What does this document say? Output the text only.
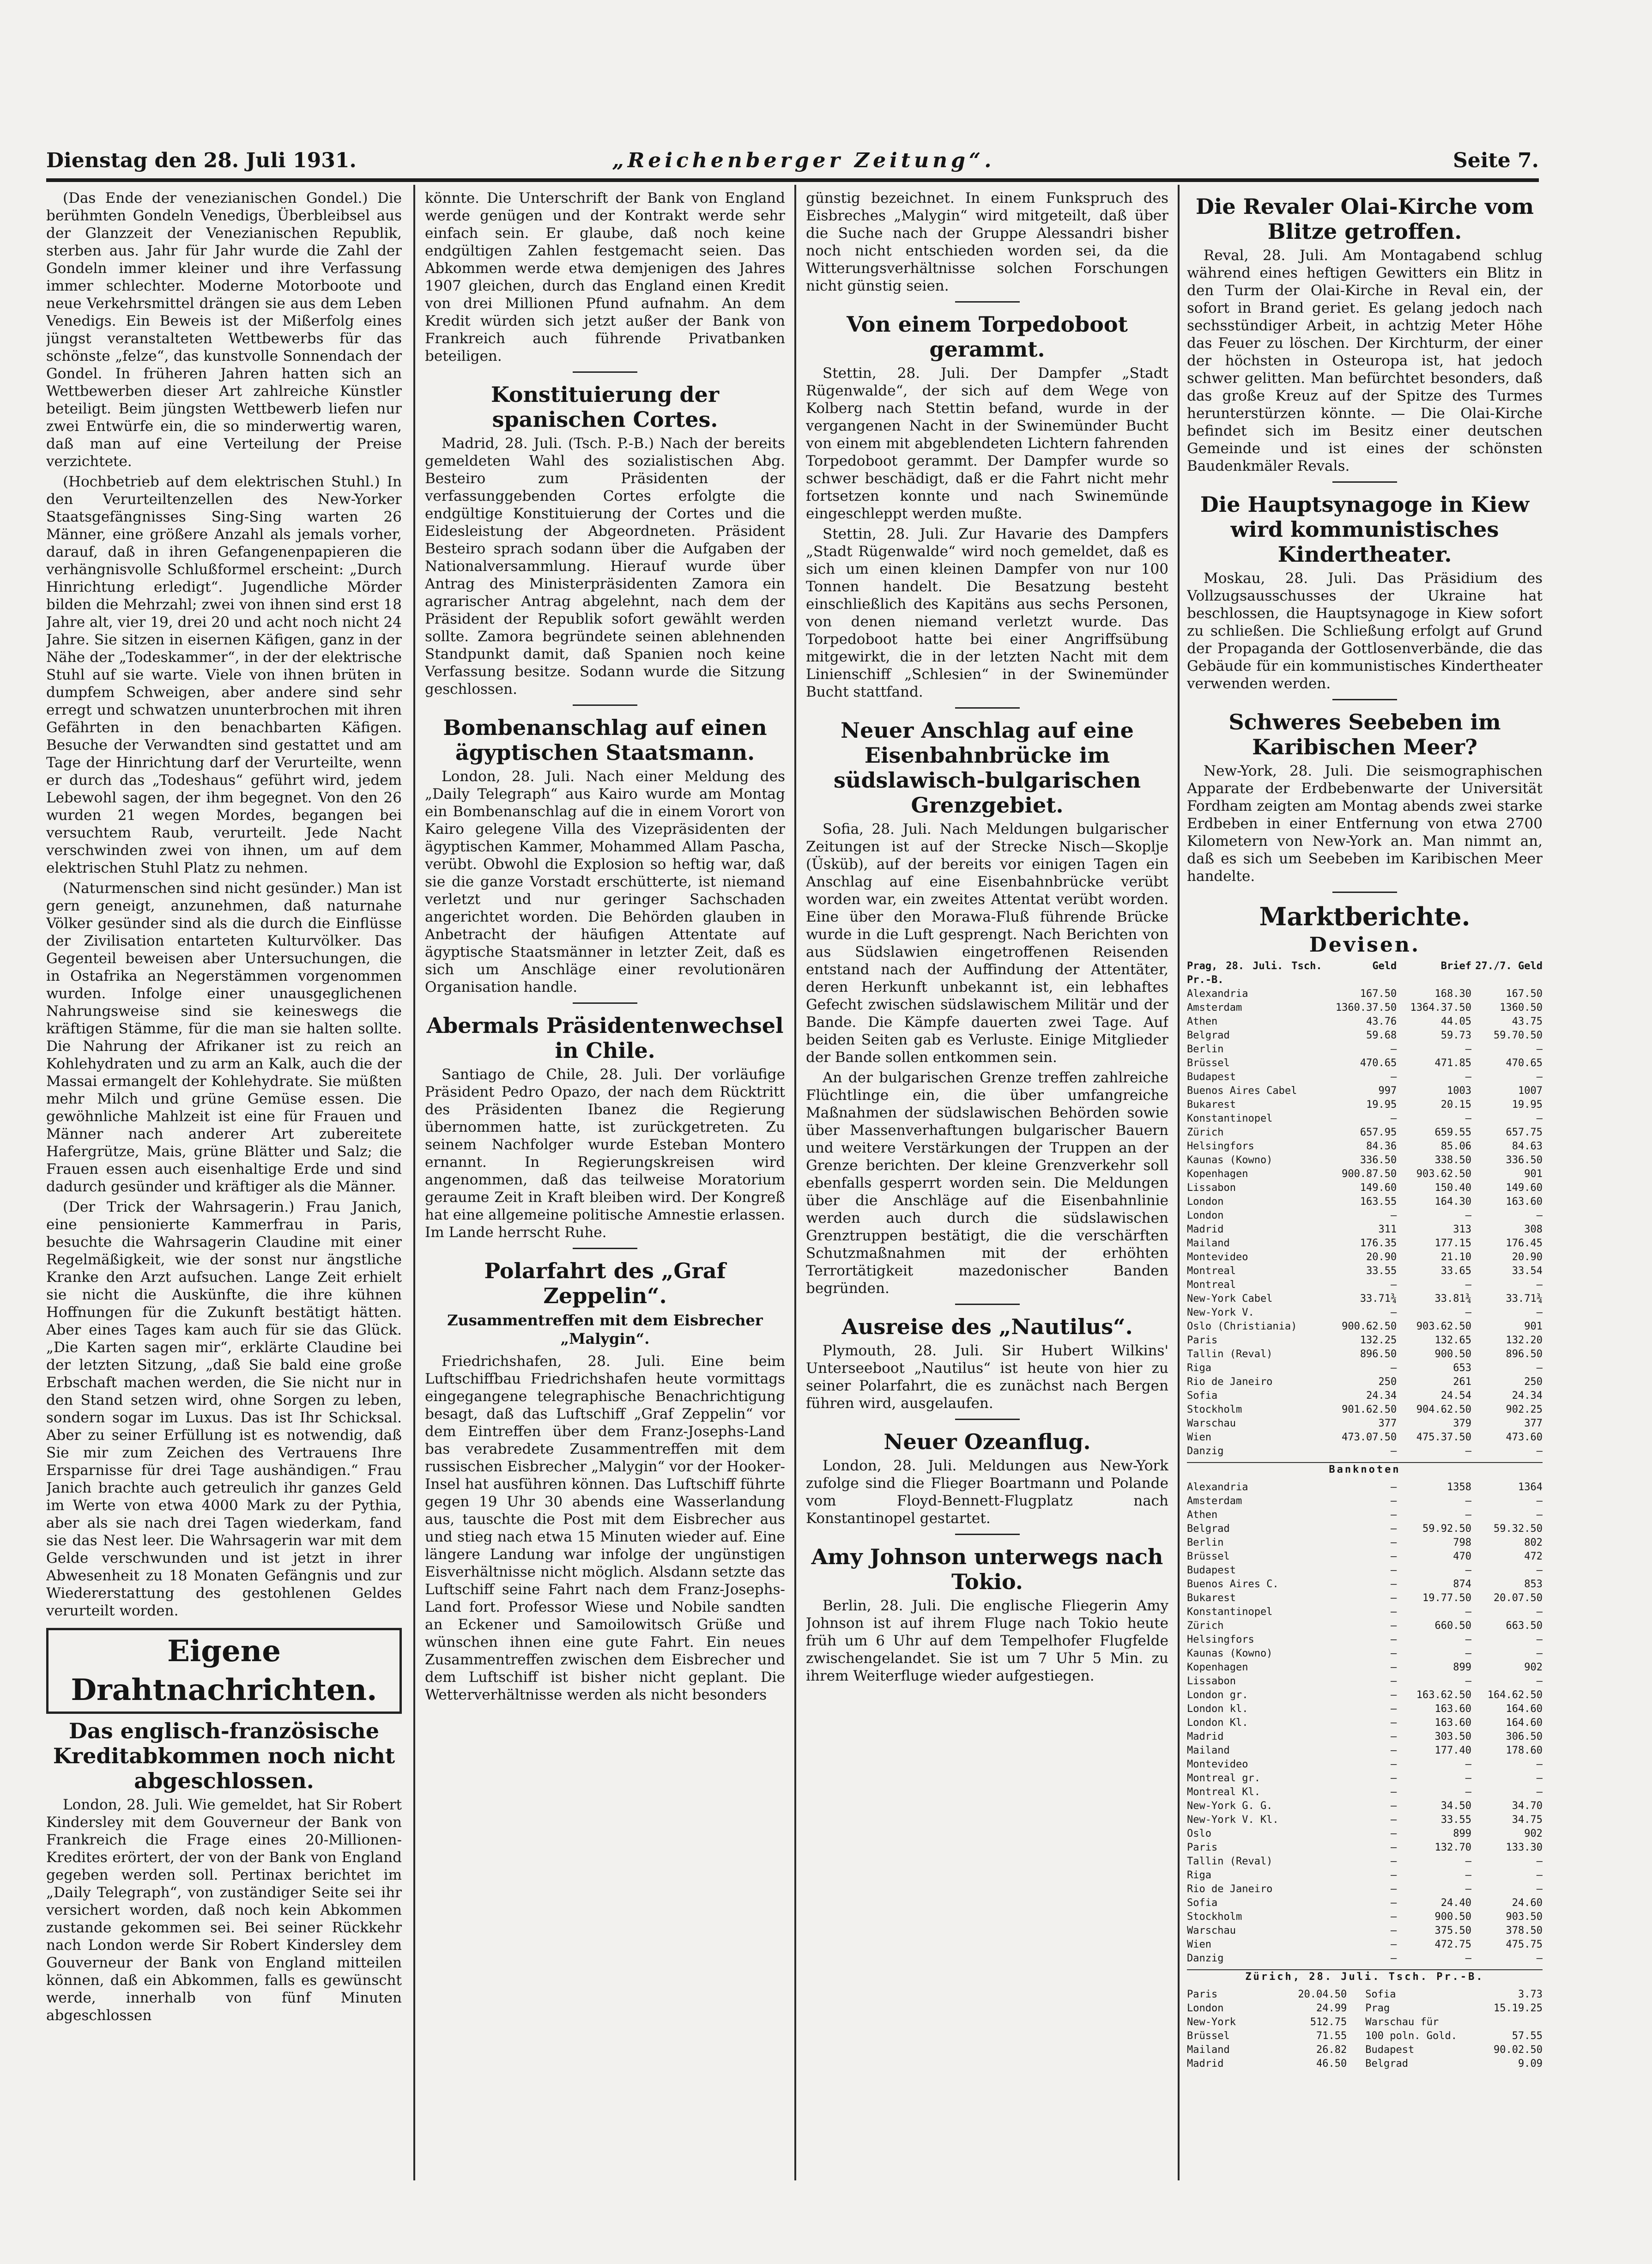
Dienstag den 28. Juli 1931.	„Reichenberger Zeitung“.	Seite 7.

(Das Ende der venezianischen Gondel.) Die berühmten Gondeln Venedigs, Überbleibsel aus der Glanzzeit der Venezianischen Republik, sterben aus. Jahr für Jahr wurde die Zahl der Gondeln immer kleiner und ihre Verfassung immer schlechter. Moderne Motorboote und neue Verkehrsmittel drängen sie aus dem Leben Venedigs. Ein Beweis ist der Mißerfolg eines jüngst veranstalteten Wettbewerbs für das schönste „felze“, das kunstvolle Sonnendach der Gondel. In früheren Jahren hatten sich an Wettbewerben dieser Art zahlreiche Künstler beteiligt. Beim jüngsten Wettbewerb liefen nur zwei Entwürfe ein, die so minderwertig waren, daß man auf eine Verteilung der Preise verzichtete.

(Hochbetrieb auf dem elektrischen Stuhl.) In den Verurteiltenzellen des New-Yorker Staatsgefängnisses Sing-Sing warten 26 Männer, eine größere Anzahl als jemals vorher, darauf, daß in ihren Gefangenenpapieren die verhängnisvolle Schlußformel erscheint: „Durch Hinrichtung erledigt“. Jugendliche Mörder bilden die Mehrzahl; zwei von ihnen sind erst 18 Jahre alt, vier 19, drei 20 und acht noch nicht 24 Jahre. Sie sitzen in eisernen Käfigen, ganz in der Nähe der „Todeskammer“, in der der elektrische Stuhl auf sie warte. Viele von ihnen brüten in dumpfem Schweigen, aber andere sind sehr erregt und schwatzen ununterbrochen mit ihren Gefährten in den benachbarten Käfigen. Besuche der Verwandten sind gestattet und am Tage der Hinrichtung darf der Verurteilte, wenn er durch das „Todeshaus“ geführt wird, jedem Lebewohl sagen, der ihm begegnet. Von den 26 wurden 21 wegen Mordes, begangen bei versuchtem Raub, verurteilt. Jede Nacht verschwinden zwei von ihnen, um auf dem elektrischen Stuhl Platz zu nehmen.

(Naturmenschen sind nicht gesünder.) Man ist gern geneigt, anzunehmen, daß naturnahe Völker gesünder sind als die durch die Einflüsse der Zivilisation entarteten Kulturvölker. Das Gegenteil beweisen aber Untersuchungen, die in Ostafrika an Negerstämmen vorgenommen wurden. Infolge einer unausgeglichenen Nahrungsweise sind sie keineswegs die kräftigen Stämme, für die man sie halten sollte. Die Nahrung der Afrikaner ist zu reich an Kohlehydraten und zu arm an Kalk, auch die der Massai ermangelt der Kohlehydrate. Sie müßten mehr Milch und grüne Gemüse essen. Die gewöhnliche Mahlzeit ist eine für Frauen und Männer nach anderer Art zubereitete Hafergrütze, Mais, grüne Blätter und Salz; die Frauen essen auch eisenhaltige Erde und sind dadurch gesünder und kräftiger als die Männer.

(Der Trick der Wahrsagerin.) Frau Janich, eine pensionierte Kammerfrau in Paris, besuchte die Wahrsagerin Claudine mit einer Regelmäßigkeit, wie der sonst nur ängstliche Kranke den Arzt aufsuchen. Lange Zeit erhielt sie nicht die Auskünfte, die ihre kühnen Hoffnungen für die Zukunft bestätigt hätten. Aber eines Tages kam auch für sie das Glück. „Die Karten sagen mir“, erklärte Claudine bei der letzten Sitzung, „daß Sie bald eine große Erbschaft machen werden, die Sie nicht nur in den Stand setzen wird, ohne Sorgen zu leben, sondern sogar im Luxus. Das ist Ihr Schicksal. Aber zu seiner Erfüllung ist es notwendig, daß Sie mir zum Zeichen des Vertrauens Ihre Ersparnisse für drei Tage aushändigen.“ Frau Janich brachte auch getreulich ihr ganzes Geld im Werte von etwa 4000 Mark zu der Pythia, aber als sie nach drei Tagen wiederkam, fand sie das Nest leer. Die Wahrsagerin war mit dem Gelde verschwunden und ist jetzt in ihrer Abwesenheit zu 18 Monaten Gefängnis und zur Wiedererstattung des gestohlenen Geldes verurteilt worden.

Eigene Drahtnachrichten.
Das englisch-französische Kreditabkommen noch nicht abgeschlossen.

London, 28. Juli. Wie gemeldet, hat Sir Robert Kindersley mit dem Gouverneur der Bank von Frankreich die Frage eines 20-Millionen-Kredites erörtert, der von der Bank von England gegeben werden soll. Pertinax berichtet im „Daily Telegraph“, von zuständiger Seite sei ihr versichert worden, daß noch kein Abkommen zustande gekommen sei. Bei seiner Rückkehr nach London werde Sir Robert Kindersley dem Gouverneur der Bank von England mitteilen können, daß ein Abkommen, falls es gewünscht werde, innerhalb von fünf Minuten abgeschlossen

könnte. Die Unterschrift der Bank von England werde genügen und der Kontrakt werde sehr einfach sein. Er glaube, daß noch keine endgültigen Zahlen festgemacht seien. Das Abkommen werde etwa demjenigen des Jahres 1907 gleichen, durch das England einen Kredit von drei Millionen Pfund aufnahm. An dem Kredit würden sich jetzt außer der Bank von Frankreich auch führende Privatbanken beteiligen.

Konstituierung der spanischen Cortes.

Madrid, 28. Juli. (Tsch. P.-B.) Nach der bereits gemeldeten Wahl des sozialistischen Abg. Besteiro zum Präsidenten der verfassunggebenden Cortes erfolgte die endgültige Konstituierung der Cortes und die Eidesleistung der Abgeordneten. Präsident Besteiro sprach sodann über die Aufgaben der Nationalversammlung. Hierauf wurde über Antrag des Ministerpräsidenten Zamora ein agrarischer Antrag abgelehnt, nach dem der Präsident der Republik sofort gewählt werden sollte. Zamora begründete seinen ablehnenden Standpunkt damit, daß Spanien noch keine Verfassung besitze. Sodann wurde die Sitzung geschlossen.

Bombenanschlag auf einen ägyptischen Staatsmann.

London, 28. Juli. Nach einer Meldung des „Daily Telegraph“ aus Kairo wurde am Montag ein Bombenanschlag auf die in einem Vorort von Kairo gelegene Villa des Vizepräsidenten der ägyptischen Kammer, Mohammed Allam Pascha, verübt. Obwohl die Explosion so heftig war, daß sie die ganze Vorstadt erschütterte, ist niemand verletzt und nur geringer Sachschaden angerichtet worden. Die Behörden glauben in Anbetracht der häufigen Attentate auf ägyptische Staatsmänner in letzter Zeit, daß es sich um Anschläge einer revolutionären Organisation handle.

Abermals Präsidentenwechsel in Chile.

Santiago de Chile, 28. Juli. Der vorläufige Präsident Pedro Opazo, der nach dem Rücktritt des Präsidenten Ibanez die Regierung übernommen hatte, ist zurückgetreten. Zu seinem Nachfolger wurde Esteban Montero ernannt. In Regierungskreisen wird angenommen, daß das teilweise Moratorium geraume Zeit in Kraft bleiben wird. Der Kongreß hat eine allgemeine politische Amnestie erlassen. Im Lande herrscht Ruhe.

Polarfahrt des „Graf Zeppelin“.
Zusammentreffen mit dem Eisbrecher „Malygin“.

Friedrichshafen, 28. Juli. Eine beim Luftschiffbau Friedrichshafen heute vormittags eingegangene telegraphische Benachrichtigung besagt, daß das Luftschiff „Graf Zeppelin“ vor dem Eintreffen über dem Franz-Josephs-Land bas verabredete Zusammentreffen mit dem russischen Eisbrecher „Malygin“ vor der Hooker-Insel hat ausführen können. Das Luftschiff führte gegen 19 Uhr 30 abends eine Wasserlandung aus, tauschte die Post mit dem Eisbrecher aus und stieg nach etwa 15 Minuten wieder auf. Eine längere Landung war infolge der ungünstigen Eisverhältnisse nicht möglich. Alsdann setzte das Luftschiff seine Fahrt nach dem Franz-Josephs-Land fort. Professor Wiese und Nobile sandten an Eckener und Samoilowitsch Grüße und wünschen ihnen eine gute Fahrt. Ein neues Zusammentreffen zwischen dem Eisbrecher und dem Luftschiff ist bisher nicht geplant. Die Wetterverhältnisse werden als nicht besonders

günstig bezeichnet. In einem Funkspruch des Eisbreches „Malygin“ wird mitgeteilt, daß über die Suche nach der Gruppe Alessandri bisher noch nicht entschieden worden sei, da die Witterungsverhältnisse solchen Forschungen nicht günstig seien.

Von einem Torpedoboot gerammt.

Stettin, 28. Juli. Der Dampfer „Stadt Rügenwalde“, der sich auf dem Wege von Kolberg nach Stettin befand, wurde in der vergangenen Nacht in der Swinemünder Bucht von einem mit abgeblendeten Lichtern fahrenden Torpedoboot gerammt. Der Dampfer wurde so schwer beschädigt, daß er die Fahrt nicht mehr fortsetzen konnte und nach Swinemünde eingeschleppt werden mußte.

Stettin, 28. Juli. Zur Havarie des Dampfers „Stadt Rügenwalde“ wird noch gemeldet, daß es sich um einen kleinen Dampfer von nur 100 Tonnen handelt. Die Besatzung besteht einschließlich des Kapitäns aus sechs Personen, von denen niemand verletzt wurde. Das Torpedoboot hatte bei einer Angriffsübung mitgewirkt, die in der letzten Nacht mit dem Linienschiff „Schlesien“ in der Swinemünder Bucht stattfand.

Neuer Anschlag auf eine Eisenbahnbrücke im südslawisch-bulgarischen Grenzgebiet.

Sofia, 28. Juli. Nach Meldungen bulgarischer Zeitungen ist auf der Strecke Nisch—Skoplje (Üsküb), auf der bereits vor einigen Tagen ein Anschlag auf eine Eisenbahnbrücke verübt worden war, ein zweites Attentat verübt worden. Eine über den Morawa-Fluß führende Brücke wurde in die Luft gesprengt. Nach Berichten von aus Südslawien eingetroffenen Reisenden entstand nach der Auffindung der Attentäter, deren Herkunft unbekannt ist, ein lebhaftes Gefecht zwischen südslawischem Militär und der Bande. Die Kämpfe dauerten zwei Tage. Auf beiden Seiten gab es Verluste. Einige Mitglieder der Bande sollen entkommen sein.

An der bulgarischen Grenze treffen zahlreiche Flüchtlinge ein, die über umfangreiche Maßnahmen der südslawischen Behörden sowie über Massenverhaftungen bulgarischer Bauern und weitere Verstärkungen der Truppen an der Grenze berichten. Der kleine Grenzverkehr soll ebenfalls gesperrt worden sein. Die Meldungen über die Anschläge auf die Eisenbahnlinie werden auch durch die südslawischen Grenztruppen bestätigt, die die verschärften Schutzmaßnahmen mit der erhöhten Terrortätigkeit mazedonischer Banden begründen.

Ausreise des „Nautilus“.

Plymouth, 28. Juli. Sir Hubert Wilkins' Unterseeboot „Nautilus“ ist heute von hier zu seiner Polarfahrt, die es zunächst nach Bergen führen wird, ausgelaufen.

Neuer Ozeanflug.

London, 28. Juli. Meldungen aus New-York zufolge sind die Flieger Boartmann und Polande vom Floyd-Bennett-Flugplatz nach Konstantinopel gestartet.

Amy Johnson unterwegs nach Tokio.

Berlin, 28. Juli. Die englische Fliegerin Amy Johnson ist auf ihrem Fluge nach Tokio heute früh um 6 Uhr auf dem Tempelhofer Flugfelde zwischengelandet. Sie ist um 7 Uhr 5 Min. zu ihrem Weiterfluge wieder aufgestiegen.

Die Revaler Olai-Kirche vom Blitze getroffen.

Reval, 28. Juli. Am Montagabend schlug während eines heftigen Gewitters ein Blitz in den Turm der Olai-Kirche in Reval ein, der sofort in Brand geriet. Es gelang jedoch nach sechsstündiger Arbeit, in achtzig Meter Höhe das Feuer zu löschen. Der Kirchturm, der einer der höchsten in Osteuropa ist, hat jedoch schwer gelitten. Man befürchtet besonders, daß das große Kreuz auf der Spitze des Turmes herunterstürzen könnte. — Die Olai-Kirche befindet sich im Besitz einer deutschen Gemeinde und ist eines der schönsten Baudenkmäler Revals.

Die Hauptsynagoge in Kiew wird kommunistisches Kindertheater.

Moskau, 28. Juli. Das Präsidium des Vollzugsausschusses der Ukraine hat beschlossen, die Hauptsynagoge in Kiew sofort zu schließen. Die Schließung erfolgt auf Grund der Propaganda der Gottlosenverbände, die das Gebäude für ein kommunistisches Kindertheater verwenden werden.

Schweres Seebeben im Karibischen Meer?

New-York, 28. Juli. Die seismographischen Apparate der Erdbebenwarte der Universität Fordham zeigten am Montag abends zwei starke Erdbeben in einer Entfernung von etwa 2700 Kilometern von New-York an. Man nimmt an, daß es sich um Seebeben im Karibischen Meer handelte.

Marktberichte.
Devisen.
Prag, 28. Juli. Tsch. Pr.-B.
Geld	Brief 27./7. Geld
Alexandria	167.50	168.30	167.50
Amsterdam	1360.37.50	1364.37.50	1360.50
Athen	43.76	44.05	43.75
Belgrad	59.68	59.73	59.70.50
Berlin	—	—	—
Brüssel	470.65	471.85	470.65
Budapest	—	—	—
Buenos Aires Cabel	997	1003	1007
Bukarest	19.95	20.15	19.95
Konstantinopel	—	—	—
Zürich	657.95	659.55	657.75
Helsingfors	84.36	85.06	84.63
Kaunas (Kowno)	336.50	338.50	336.50
Kopenhagen	900.87.50	903.62.50	901
Lissabon	149.60	150.40	149.60
London	163.55	164.30	163.60
London	—	—	—
Madrid	311	313	308
Mailand	176.35	177.15	176.45
Montevideo	20.90	21.10	20.90
Montreal	33.55	33.65	33.54
Montreal	—	—	—
New-York Cabel	33.71¾	33.81¾	33.71¾
New-York V.	—	—	—
Oslo (Christiania)	900.62.50	903.62.50	901
Paris	132.25	132.65	132.20
Tallin (Reval)	896.50	900.50	896.50
Riga	—	653	—
Rio de Janeiro	250	261	250
Sofia	24.34	24.54	24.34
Stockholm	901.62.50	904.62.50	902.25
Warschau	377	379	377
Wien	473.07.50	475.37.50	473.60
Danzig	—	—	—
Banknoten
Alexandria	—	1358	1364
Amsterdam	—	—	—
Athen	—	—	—
Belgrad	—	59.92.50	59.32.50
Berlin	—	798	802
Brüssel	—	470	472
Budapest	—	—	—
Buenos Aires C.	—	874	853
Bukarest	—	19.77.50	20.07.50
Konstantinopel	—	—	—
Zürich	—	660.50	663.50
Helsingfors	—	—	—
Kaunas (Kowno)	—	—	—
Kopenhagen	—	899	902
Lissabon	—	—	—
London gr.	—	163.62.50	164.62.50
London kl.	—	163.60	164.60
London Kl.	—	163.60	164.60
Madrid	—	303.50	306.50
Mailand	—	177.40	178.60
Montevideo	—	—	—
Montreal gr.	—	—	—
Montreal Kl.	—	—	—
New-York G. G.	—	34.50	34.70
New-York V. Kl.	—	33.55	34.75
Oslo	—	899	902
Paris	—	132.70	133.30
Tallin (Reval)	—	—	—
Riga	—	—	—
Rio de Janeiro	—	—	—
Sofia	—	24.40	24.60
Stockholm	—	900.50	903.50
Warschau	—	375.50	378.50
Wien	—	472.75	475.75
Danzig	—	—	—
Zürich, 28. Juli. Tsch. Pr.-B.
Paris	20.04.50	Sofia	3.73
London	24.99	Prag	15.19.25
New-York	512.75	Warschau für
Brüssel	71.55	100 poln. Gold.	57.55
Mailand	26.82	Budapest	90.02.50
Madrid	46.50	Belgrad	9.09
